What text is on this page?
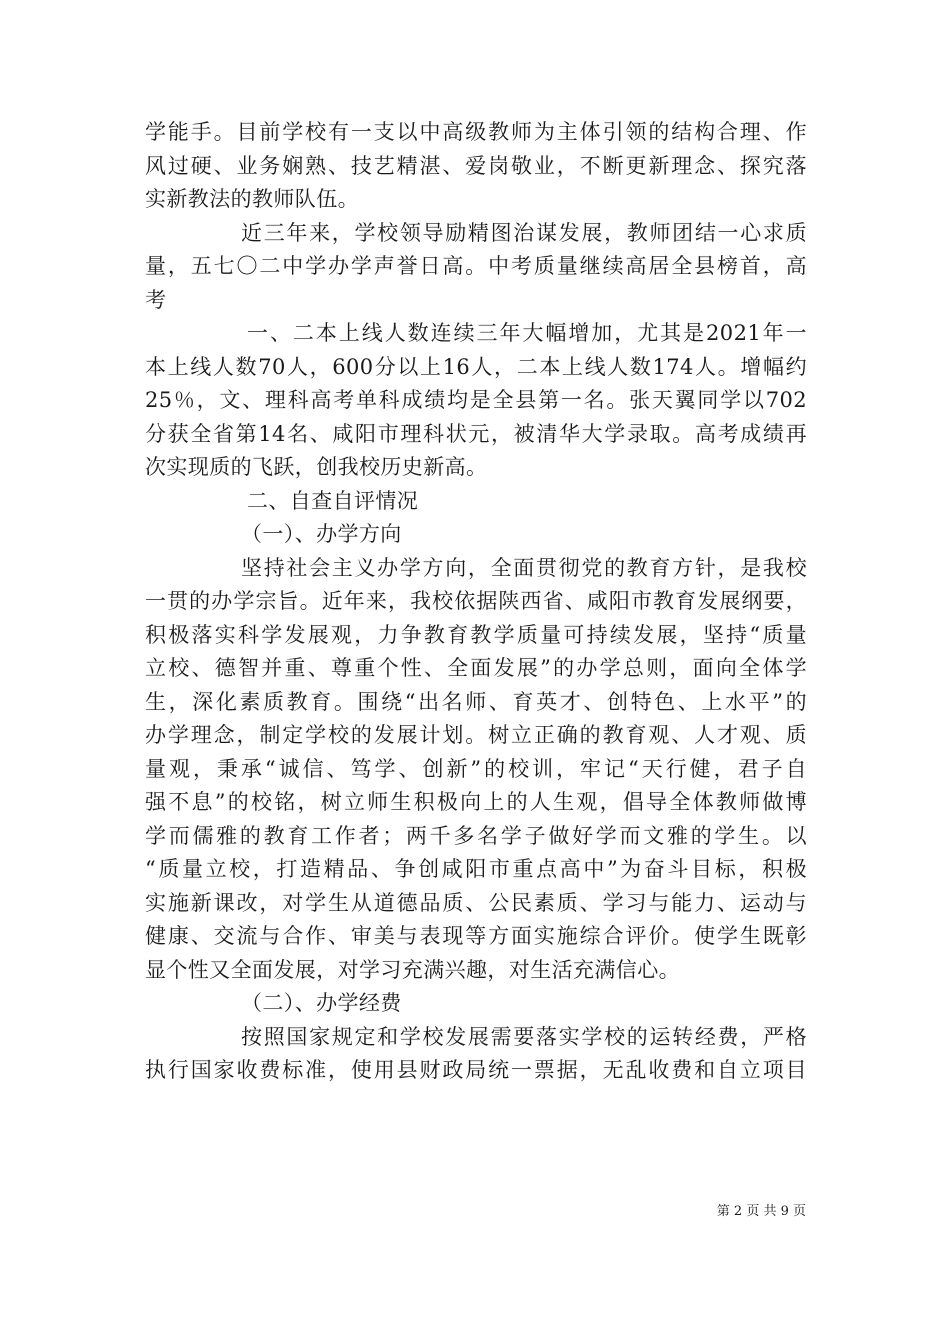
学能手。目前学校有一支以中高级教师为主体引领的结构合理、作
风过硬、业务娴熟、技艺精湛、爱岗敬业，不断更新理念、探究落
实新教法的教师队伍。
近三年来，学校领导励精图治谋发展，教师团结一心求质
量，五七〇二中学办学声誉日高。中考质量继续高居全县榜首，高
考
一、二本上线人数连续三年大幅增加，尤其是2021年一
本上线人数70人，600分以上16人，二本上线人数174人。增幅约
25％，文、理科高考单科成绩均是全县第一名。张天翼同学以702
分获全省第14名、咸阳市理科状元，被清华大学录取。高考成绩再
次实现质的飞跃，创我校历史新高。
二、自查自评情况
（一）、办学方向
坚持社会主义办学方向，全面贯彻党的教育方针，是我校
一贯的办学宗旨。近年来，我校依据陕西省、咸阳市教育发展纲要，
积极落实科学发展观，力争教育教学质量可持续发展，坚持“质量
立校、德智并重、尊重个性、全面发展”的办学总则，面向全体学
生，深化素质教育。围绕“出名师、育英才、创特色、上水平”的
办学理念，制定学校的发展计划。树立正确的教育观、人才观、质
量观，秉承“诚信、笃学、创新”的校训，牢记“天行健，君子自
强不息”的校铭，树立师生积极向上的人生观，倡导全体教师做博
学而儒雅的教育工作者；两千多名学子做好学而文雅的学生。以
“质量立校，打造精品、争创咸阳市重点高中”为奋斗目标，积极
实施新课改，对学生从道德品质、公民素质、学习与能力、运动与
健康、交流与合作、审美与表现等方面实施综合评价。使学生既彰
显个性又全面发展，对学习充满兴趣，对生活充满信心。
（二）、办学经费
按照国家规定和学校发展需要落实学校的运转经费，严格
执行国家收费标准，使用县财政局统一票据，无乱收费和自立项目
第 2 页 共 9 页
